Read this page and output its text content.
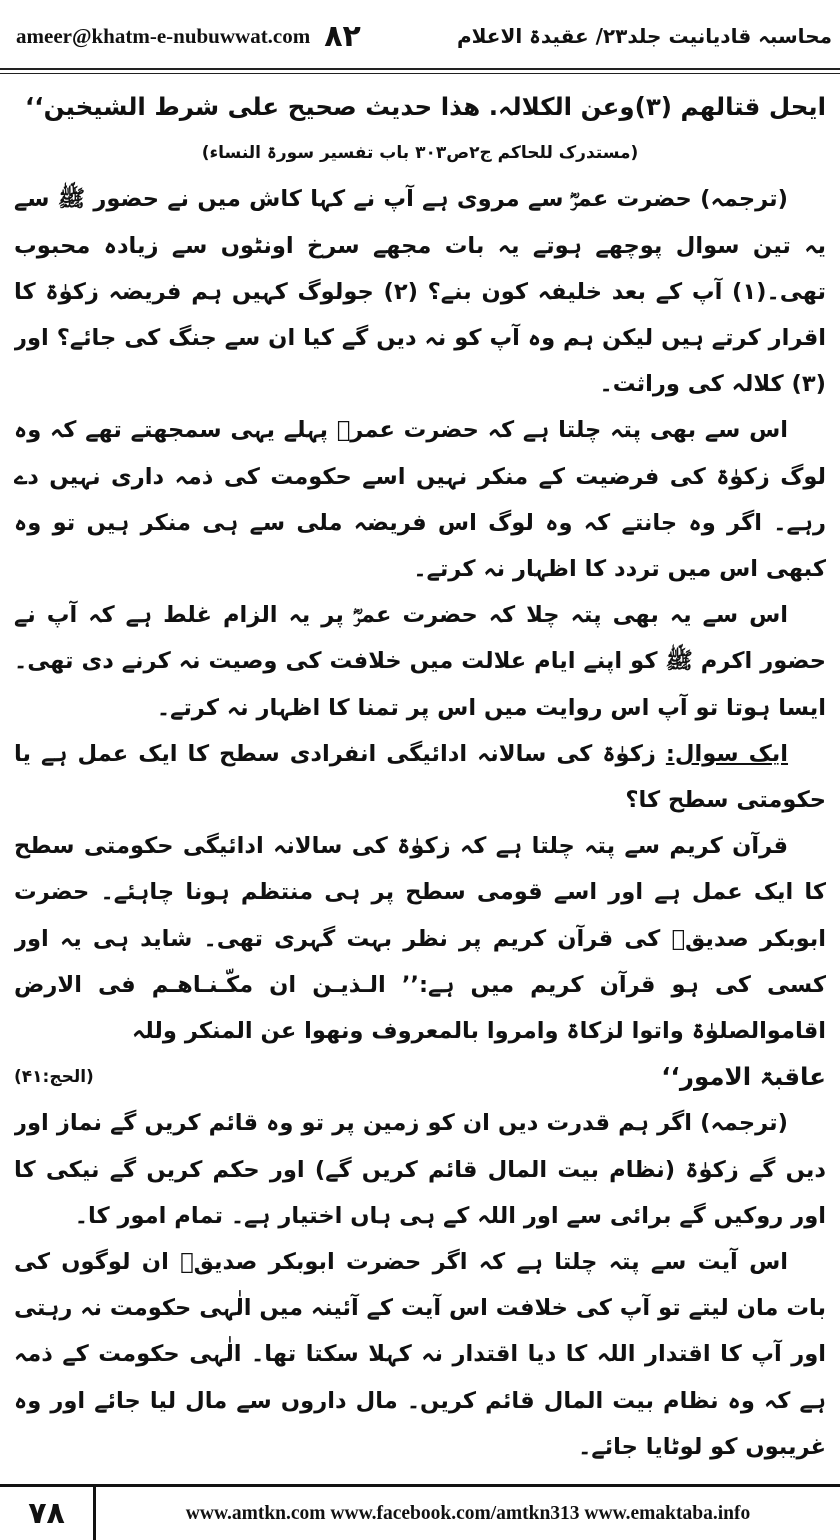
ameer@khatm-e-nubuwwat.com ۸۲	محاسبہ قادیانیت جلد۲۳/ عقیدۃ الاعلام

ایحل قتالھم (۳)وعن الکلالہ. ھذا حدیث صحیح علی شرط الشیخین‘‘

(مستدرک للحاکم ج۲ص۳۰۳ باب تفسیر سورۃ النساء)

(ترجمہ) حضرت عمرؓ سے مروی ہے آپ نے کہا کاش میں نے حضور ﷺ سے یہ تین سوال پوچھے ہوتے یہ بات مجھے سرخ اونٹوں سے زیادہ محبوب تھی۔(۱) آپ کے بعد خلیفہ کون بنے؟ (۲) جولوگ کہیں ہم فریضہ زکوٰۃ کا اقرار کرتے ہیں لیکن ہم وہ آپ کو نہ دیں گے کیا ان سے جنگ کی جائے؟ اور (۳) کلالہ کی وراثت۔

اس سے بھی پتہ چلتا ہے کہ حضرت عمرؓ پہلے یہی سمجھتے تھے کہ وہ لوگ زکوٰۃ کی فرضیت کے منکر نہیں اسے حکومت کی ذمہ داری نہیں دے رہے۔ اگر وہ جانتے کہ وہ لوگ اس فریضہ ملی سے ہی منکر ہیں تو وہ کبھی اس میں تردد کا اظہار نہ کرتے۔

اس سے یہ بھی پتہ چلا کہ حضرت عمرؓ پر یہ الزام غلط ہے کہ آپ نے حضور اکرم ﷺ کو اپنے ایام علالت میں خلافت کی وصیت نہ کرنے دی تھی۔ ایسا ہوتا تو آپ اس روایت میں اس پر تمنا کا اظہار نہ کرتے۔

ایک سوال: زکوٰۃ کی سالانہ ادائیگی انفرادی سطح کا ایک عمل ہے یا حکومتی سطح کا؟

قرآن کریم سے پتہ چلتا ہے کہ زکوٰۃ کی سالانہ ادائیگی حکومتی سطح کا ایک عمل ہے اور اسے قومی سطح پر ہی منتظم ہونا چاہئے۔ حضرت ابوبکر صدیقؓ کی قرآن کریم پر نظر بہت گہری تھی۔ شاید ہی یہ اور کسی کی ہو قرآن کریم میں ہے:’’ الـذیـن ان مکّـنـاھـم فی الارض اقاموالصلوٰۃ واتوا لزکاۃ وامروا بالمعروف ونھوا عن المنکر وللہ

عاقبۃ الامور‘‘
(الحج:۴۱)

(ترجمہ) اگر ہم قدرت دیں ان کو زمین پر تو وہ قائم کریں گے نماز اور دیں گے زکوٰۃ (نظام بیت المال قائم کریں گے) اور حکم کریں گے نیکی کا اور روکیں گے برائی سے اور اللہ کے ہی ہاں اختیار ہے۔ تمام امور کا۔

اس آیت سے پتہ چلتا ہے کہ اگر حضرت ابوبکر صدیقؓ ان لوگوں کی بات مان لیتے تو آپ کی خلافت اس آیت کے آئینہ میں الٰہی حکومت نہ رہتی اور آپ کا اقتدار اللہ کا دیا اقتدار نہ کہلا سکتا تھا۔ الٰہی حکومت کے ذمہ ہے کہ وہ نظام بیت المال قائم کریں۔ مال داروں سے مال لیا جائے اور وہ غریبوں کو لوٹایا جائے۔

۷۸	www.amtkn.com www.facebook.com/amtkn313 www.emaktaba.info
